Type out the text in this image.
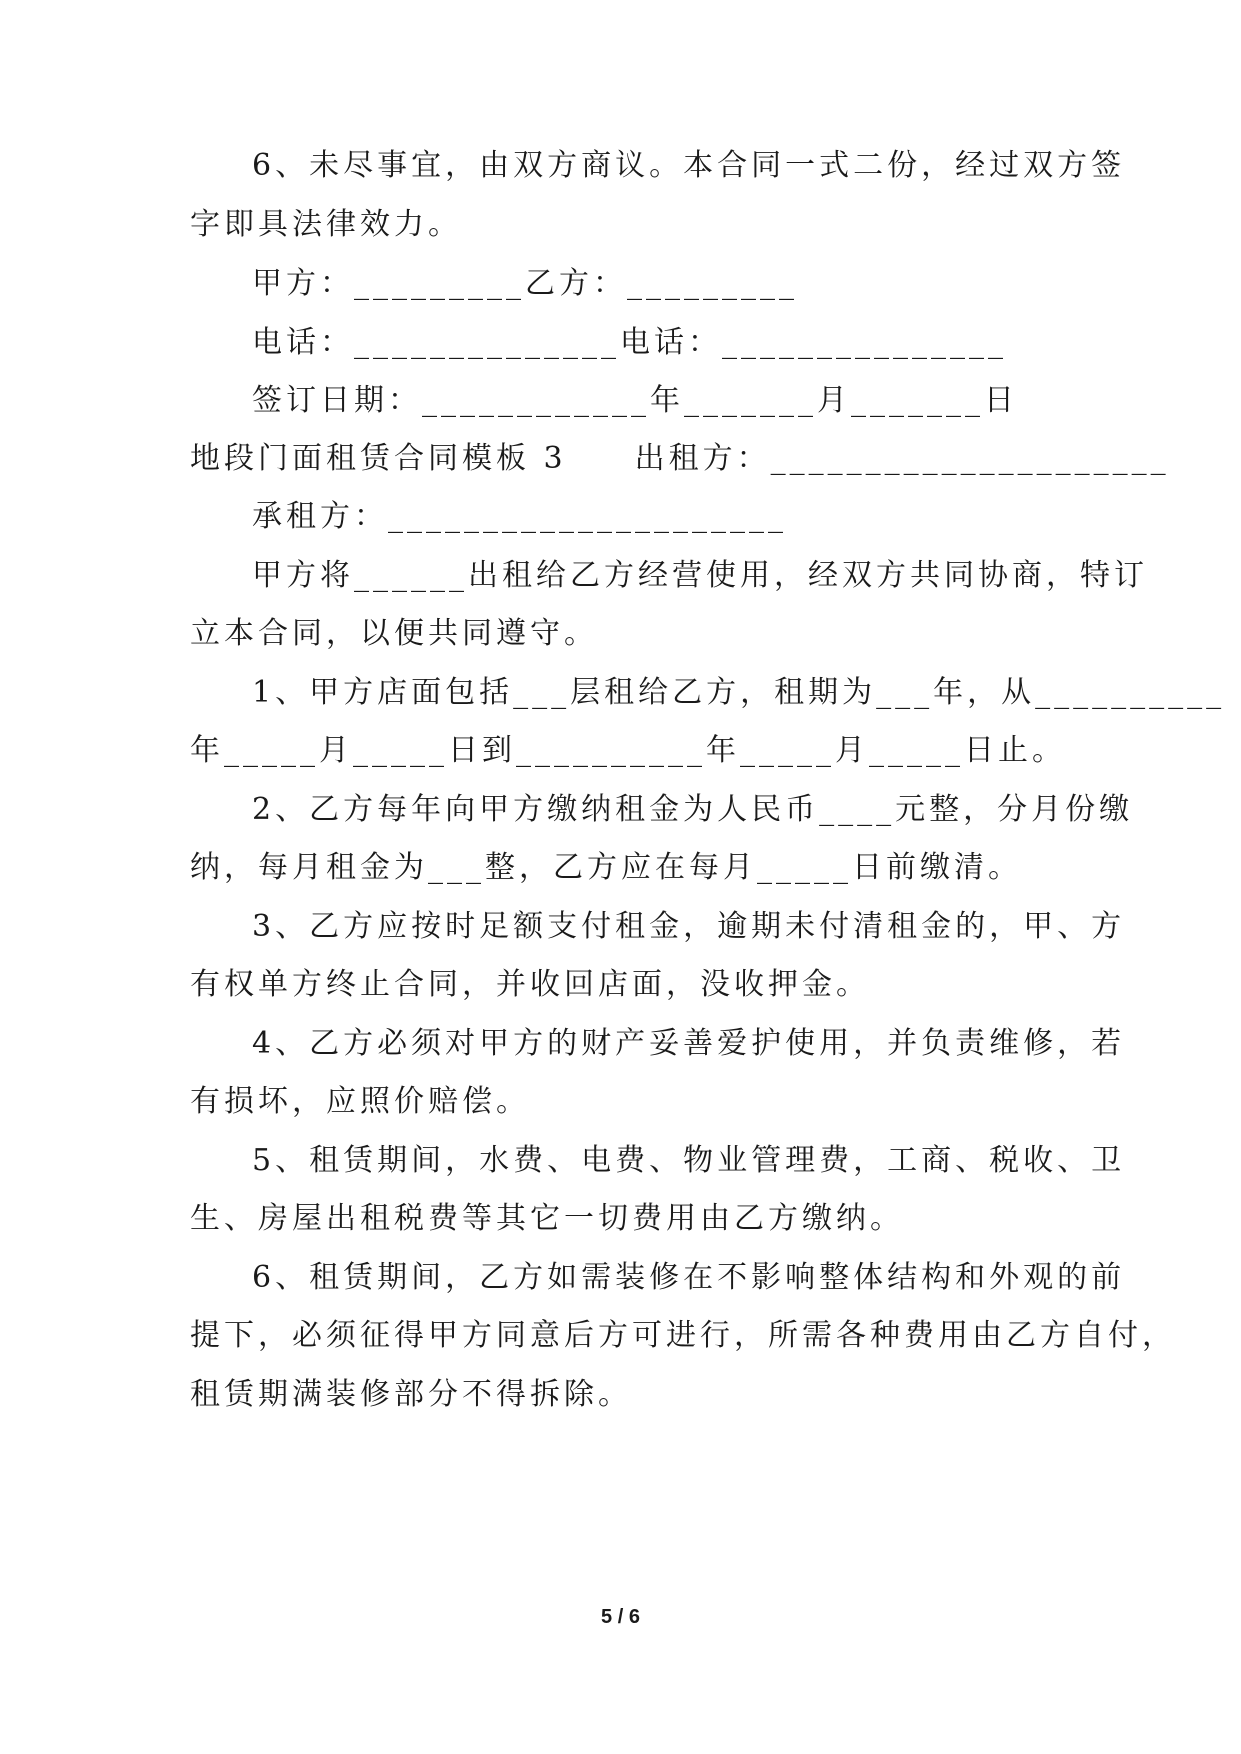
6、未尽事宜，由双方商议。本合同一式二份，经过双方签

字即具法律效力。

甲方：_________乙方：_________

电话：______________电话：_______________

签订日期：____________年_______月_______日

地段门面租赁合同模板 3　　出租方：_____________________

承租方：_____________________

甲方将______出租给乙方经营使用，经双方共同协商，特订

立本合同，以便共同遵守。

1、甲方店面包括___层租给乙方，租期为___年，从__________

年_____月_____日到__________年_____月_____日止。

2、乙方每年向甲方缴纳租金为人民币____元整，分月份缴

纳，每月租金为___整，乙方应在每月_____日前缴清。

3、乙方应按时足额支付租金，逾期未付清租金的，甲、方

有权单方终止合同，并收回店面，没收押金。

4、乙方必须对甲方的财产妥善爱护使用，并负责维修，若

有损坏，应照价赔偿。

5、租赁期间，水费、电费、物业管理费，工商、税收、卫

生、房屋出租税费等其它一切费用由乙方缴纳。

6、租赁期间，乙方如需装修在不影响整体结构和外观的前

提下，必须征得甲方同意后方可进行，所需各种费用由乙方自付，

租赁期满装修部分不得拆除。

5 / 6
